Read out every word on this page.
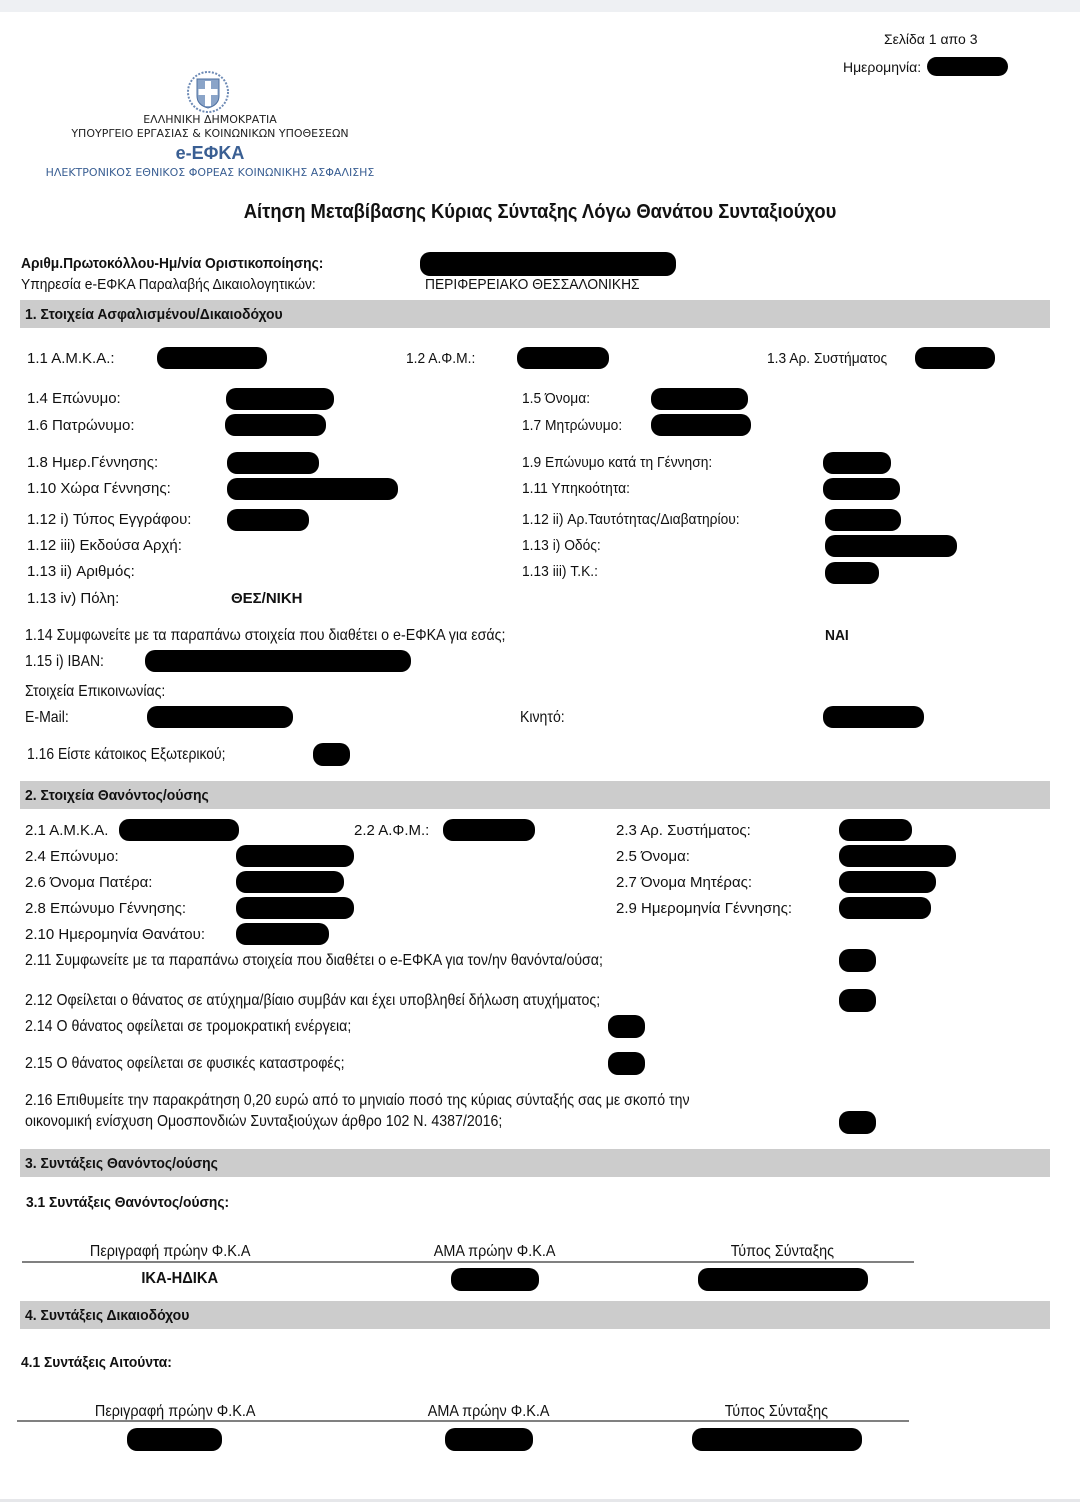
Σελίδα 1 απο 3
Ημερομηνία:
ΕΛΛΗΝΙΚΗ ΔΗΜΟΚΡΑΤΙΑ
ΥΠΟΥΡΓΕΙΟ ΕΡΓΑΣΙΑΣ & ΚΟΙΝΩΝΙΚΩΝ ΥΠΟΘΕΣΕΩΝ
e-ΕΦΚΑ
ΗΛΕΚΤΡΟΝΙΚΟΣ ΕΘΝΙΚΟΣ ΦΟΡΕΑΣ ΚΟΙΝΩΝΙΚΗΣ ΑΣΦΑΛΙΣΗΣ
Αίτηση Μεταβίβασης Κύριας Σύνταξης Λόγω Θανάτου Συνταξιούχου
Αριθμ.Πρωτοκόλλου-Ημ/νία Οριστικοποίησης:
Υπηρεσία e-ΕΦΚΑ Παραλαβής Δικαιολογητικών:	ΠΕΡΙΦΕΡΕΙΑΚΟ ΘΕΣΣΑΛΟΝΙΚΗΣ
1. Στοιχεία Ασφαλισμένου/Δικαιοδόχου
1.1 Α.Μ.Κ.Α.:	1.2 Α.Φ.Μ.:	1.3 Αρ. Συστήματος
1.4 Επώνυμο:	1.5 Όνομα:
1.6 Πατρώνυμο:	1.7 Μητρώνυμο:
1.8 Ημερ.Γέννησης:	1.9 Επώνυμο κατά τη Γέννηση:
1.10 Χώρα Γέννησης:	1.11 Υπηκοότητα:
1.12 i) Τύπος Εγγράφου:	1.12 ii) Αρ.Ταυτότητας/Διαβατηρίου:
1.12 iii) Εκδούσα Αρχή:	1.13 i) Οδός:
1.13 ii) Αριθμός:	1.13 iii) Τ.Κ.:
1.13 iv) Πόλη:	ΘΕΣ/ΝΙΚΗ
1.14 Συμφωνείτε με τα παραπάνω στοιχεία που διαθέτει ο e-ΕΦΚΑ για εσάς;	ΝΑΙ
1.15 i) IBAN:
Στοιχεία Επικοινωνίας:
E-Mail:	Κινητό:
1.16 Είστε κάτοικος Εξωτερικού;
2. Στοιχεία Θανόντος/ούσης
2.1 Α.Μ.Κ.Α.	2.2 Α.Φ.Μ.:	2.3 Αρ. Συστήματος:
2.4 Επώνυμο:	2.5 Όνομα:
2.6 Όνομα Πατέρα:	2.7 Όνομα Μητέρας:
2.8 Επώνυμο Γέννησης:	2.9 Ημερομηνία Γέννησης:
2.10 Ημερομηνία Θανάτου:
2.11 Συμφωνείτε με τα παραπάνω στοιχεία που διαθέτει ο e-ΕΦΚΑ για τον/ην θανόντα/ούσα;
2.12 Οφείλεται ο θάνατος σε ατύχημα/βίαιο συμβάν και έχει υποβληθεί δήλωση ατυχήματος;
2.14 Ο θάνατος οφείλεται σε τρομοκρατική ενέργεια;
2.15 Ο θάνατος οφείλεται σε φυσικές καταστροφές;
2.16 Επιθυμείτε την παρακράτηση 0,20 ευρώ από το μηνιαίο ποσό της κύριας σύνταξής σας με σκοπό την
οικονομική ενίσχυση Ομοσπονδιών Συνταξιούχων άρθρο 102 Ν. 4387/2016;
3. Συντάξεις Θανόντος/ούσης
3.1 Συντάξεις Θανόντος/ούσης:
Περιγραφή πρώην Φ.Κ.Α	ΑΜΑ πρώην Φ.Κ.Α	Τύπος Σύνταξης
ΙΚΑ-ΗΔΙΚΑ
4. Συντάξεις Δικαιοδόχου
4.1 Συντάξεις Αιτούντα:
Περιγραφή πρώην Φ.Κ.Α	ΑΜΑ πρώην Φ.Κ.Α	Τύπος Σύνταξης
